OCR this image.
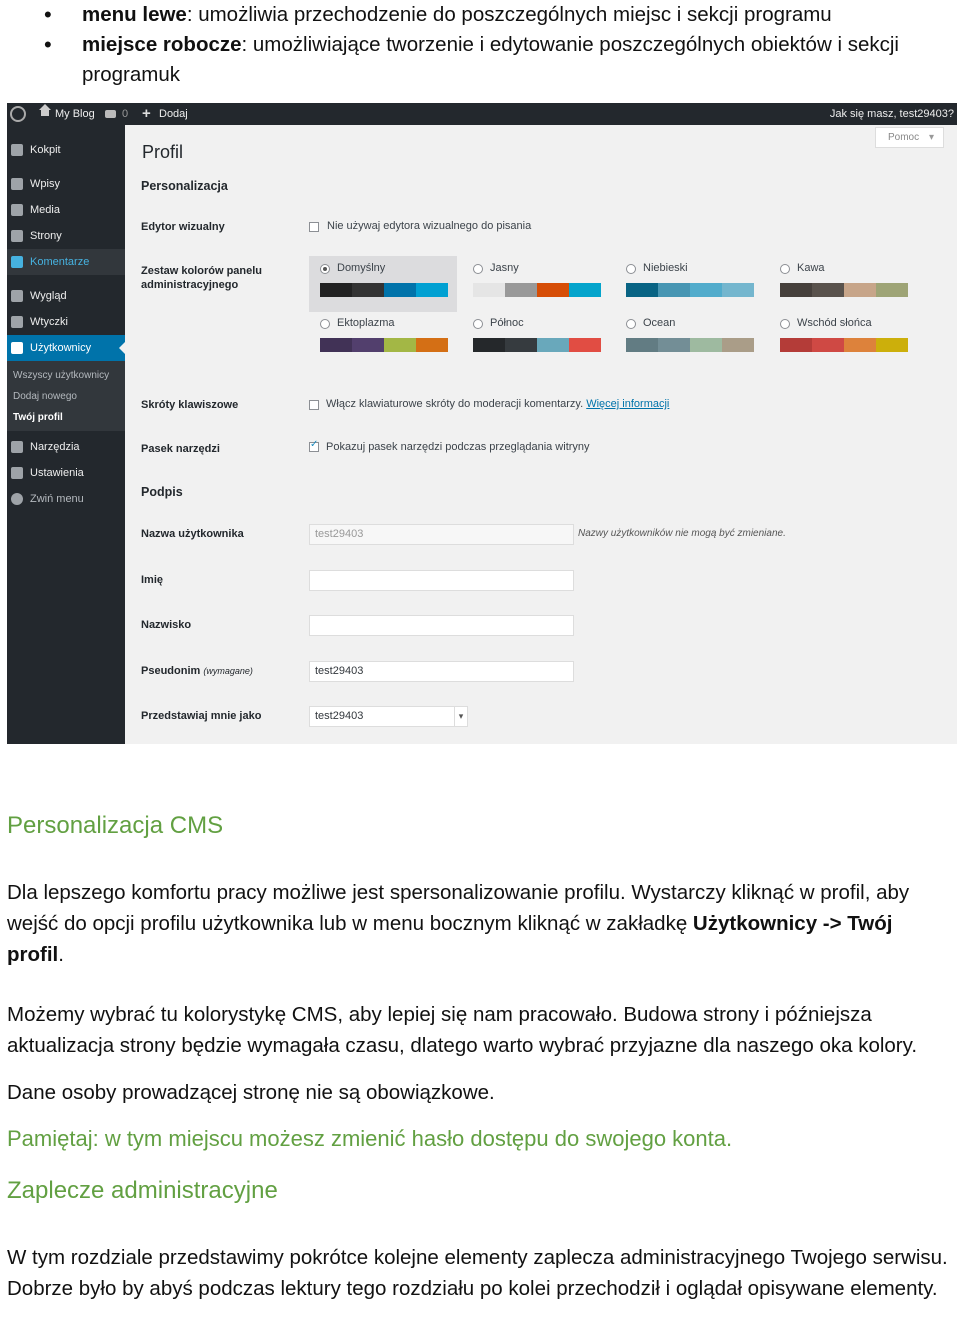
• menu lewe: umożliwia przechodzenie do poszczególnych miejsc i sekcji programu
• miejsce robocze: umożliwiające tworzenie i edytowanie poszczególnych obiektów i sekcji programuk
My Blog 0 + Dodaj	Jak się masz, test29403?
Kokpit
Wpisy
Media
Strony
Komentarze
Wygląd
Wtyczki
Użytkownicy
Wszyscy użytkownicy
Dodaj nowego
Twój profil
Narzędzia
Ustawienia
Zwiń menu
Pomoc ▾
Profil
Personalizacja
Edytor wizualny	Nie używaj edytora wizualnego do pisania
Zestaw kolorów panelu administracyjnego
Domyślny	Jasny	Niebieski	Kawa
Ektoplazma	Północ	Ocean	Wschód słońca
Skróty klawiszowe	Włącz klawiaturowe skróty do moderacji komentarzy. Więcej informacji
Pasek narzędzi
✓	Pokazuj pasek narzędzi podczas przeglądania witryny
Podpis
Nazwa użytkownika	test29403	Nazwy użytkowników nie mogą być zmieniane.
Imię
Nazwisko
Pseudonim (wymagane)	test29403
Przedstawiaj mnie jako	test29403	▾
Personalizacja CMS

Dla lepszego komfortu pracy możliwe jest spersonalizowanie profilu. Wystarczy kliknąć w profil, aby wejść do opcji profilu użytkownika lub w menu bocznym kliknąć w zakładkę Użytkownicy -> Twój profil.

Możemy wybrać tu kolorystykę CMS, aby lepiej się nam pracowało. Budowa strony i późniejsza aktualizacja strony będzie wymagała czasu, dlatego warto wybrać przyjazne dla naszego oka kolory.

Dane osoby prowadzącej stronę nie są obowiązkowe.

Pamiętaj: w tym miejscu możesz zmienić hasło dostępu do swojego konta.

Zaplecze administracyjne

W tym rozdziale przedstawimy pokrótce kolejne elementy zaplecza administracyjnego Twojego serwisu. Dobrze było by abyś podczas lektury tego rozdziału po kolei przechodził i oglądał opisywane elementy.
